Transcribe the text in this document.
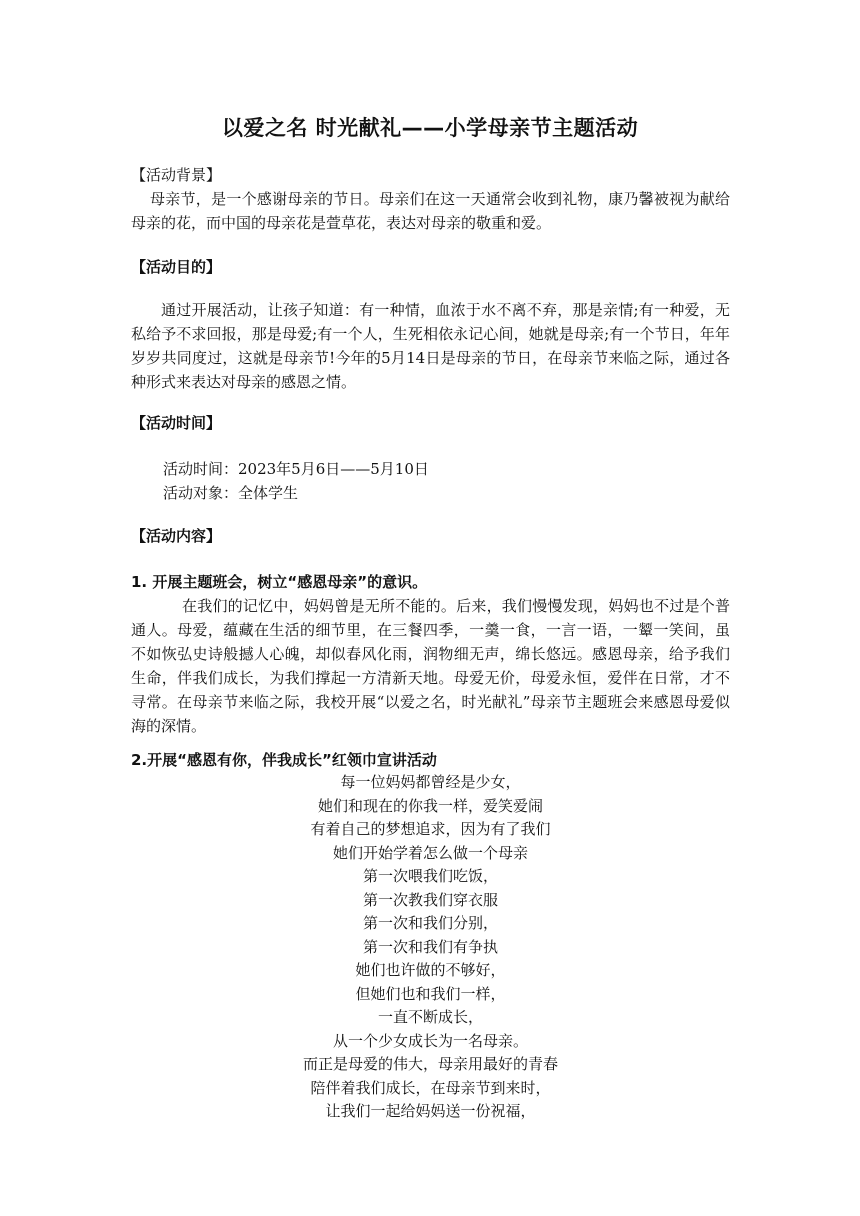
以爱之名 时光献礼——小学母亲节主题活动
【活动背景】
母亲节，是一个感谢母亲的节日。母亲们在这一天通常会收到礼物，康乃馨被视为献给母亲的花，而中国的母亲花是萱草花，表达对母亲的敬重和爱。
【活动目的】
通过开展活动，让孩子知道：有一种情，血浓于水不离不弃，那是亲情;有一种爱，无私给予不求回报，那是母爱;有一个人，生死相依永记心间，她就是母亲;有一个节日，年年岁岁共同度过，这就是母亲节!今年的5月14日是母亲的节日，在母亲节来临之际，通过各种形式来表达对母亲的感恩之情。
【活动时间】
活动时间：2023年5月6日——5月10日
活动对象：全体学生
【活动内容】
1. 开展主题班会，树立“感恩母亲”的意识。
在我们的记忆中，妈妈曾是无所不能的。后来，我们慢慢发现，妈妈也不过是个普通人。母爱，蕴藏在生活的细节里，在三餐四季，一羹一食，一言一语，一颦一笑间，虽不如恢弘史诗般撼人心魄，却似春风化雨，润物细无声，绵长悠远。感恩母亲，给予我们生命，伴我们成长，为我们撑起一方清新天地。母爱无价，母爱永恒，爱伴在日常，才不寻常。在母亲节来临之际，我校开展“以爱之名，时光献礼”母亲节主题班会来感恩母爱似海的深情。
2.开展“感恩有你，伴我成长”红领巾宣讲活动
每一位妈妈都曾经是少女，
她们和现在的你我一样，爱笑爱闹
有着自己的梦想追求，因为有了我们
她们开始学着怎么做一个母亲
第一次喂我们吃饭，
第一次教我们穿衣服
第一次和我们分别，
第一次和我们有争执
她们也许做的不够好，
但她们也和我们一样，
一直不断成长，
从一个少女成长为一名母亲。
而正是母爱的伟大，母亲用最好的青春
陪伴着我们成长，在母亲节到来时，
让我们一起给妈妈送一份祝福，
